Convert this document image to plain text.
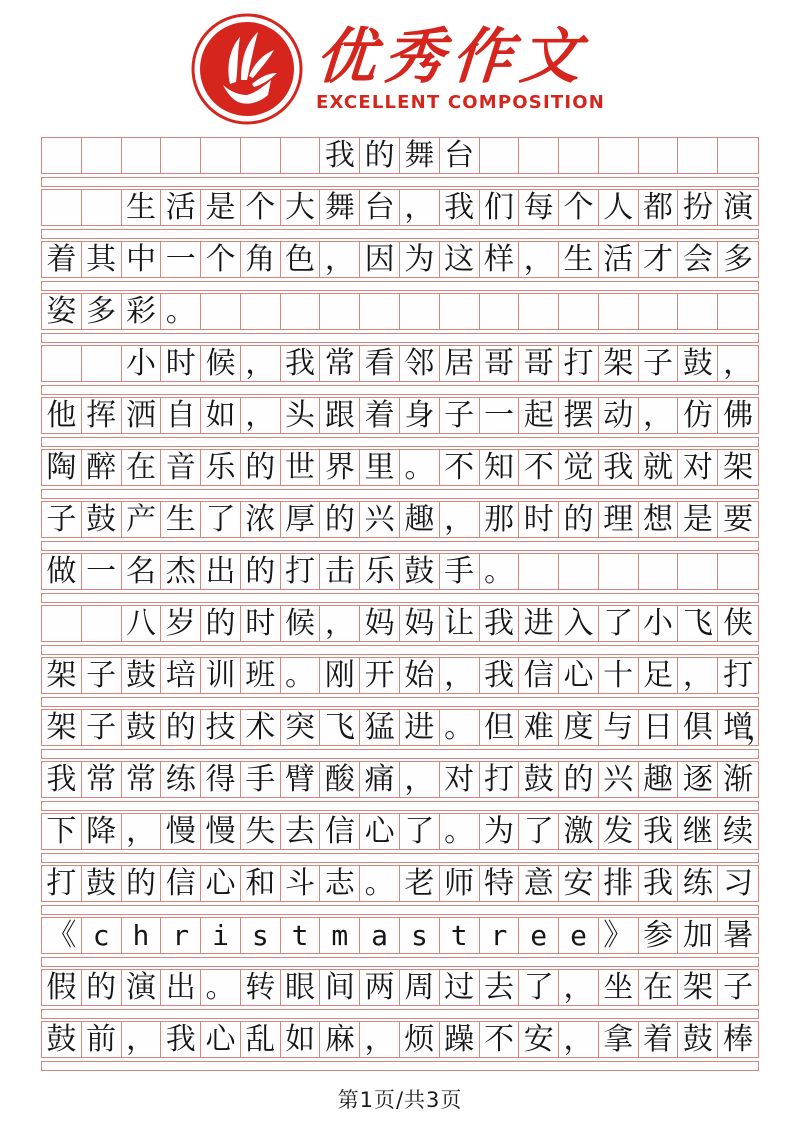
优秀作文
EXCELLENT COMPOSITION
我 的 舞 台
生 活 是 个 大 舞 台 ， 我 们 每 个 人 都 扮 演
着 其 中 一 个 角 色 ， 因 为 这 样 ， 生 活 才 会 多
姿 多 彩 。
小 时 候 ， 我 常 看 邻 居 哥 哥 打 架 子 鼓 ，
他 挥 洒 自 如 ， 头 跟 着 身 子 一 起 摆 动 ， 仿 佛
陶 醉 在 音 乐 的 世 界 里 。 不 知 不 觉 我 就 对 架
子 鼓 产 生 了 浓 厚 的 兴 趣 ， 那 时 的 理 想 是 要
做 一 名 杰 出 的 打 击 乐 鼓 手 。
八 岁 的 时 候 ， 妈 妈 让 我 进 入 了 小 飞 侠
架 子 鼓 培 训 班 。 刚 开 始 ， 我 信 心 十 足 ， 打
架 子 鼓 的 技 术 突 飞 猛 进 。 但 难 度 与 日 俱 增
，
我 常 常 练 得 手 臂 酸 痛 ， 对 打 鼓 的 兴 趣 逐 渐
下 降 ， 慢 慢 失 去 信 心 了 。 为 了 激 发 我 继 续
打 鼓 的 信 心 和 斗 志 。 老 师 特 意 安 排 我 练 习
《 c h r i s t m a s t r e e 》 参 加 暑
假 的 演 出 。 转 眼 间 两 周 过 去 了 ， 坐 在 架 子
鼓 前 ， 我 心 乱 如 麻 ， 烦 躁 不 安 ， 拿 着 鼓 棒
第1页/共3页
